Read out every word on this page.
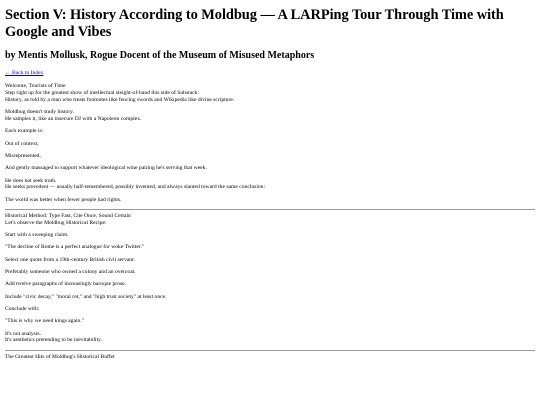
Section V: History According to Moldbug — A LARPing Tour Through Time with Google and Vibes
by Mentis Mollusk, Rogue Docent of the Museum of Misused Metaphors
← Back to Index

Welcome, Tourists of Time
Step right up for the greatest show of intellectual sleight-of-hand this side of Substack:
History, as told by a man who treats footnotes like fencing swords and Wikipedia like divine scripture.

Moldbug doesn't study history.
He samples it, like an insecure DJ with a Napoleon complex.

Each example is:

Out of context,

Misrepresented,

And gently massaged to support whatever ideological wine pairing he's serving that week.

He does not seek truth.
He seeks precedent — usually half-remembered, possibly invented, and always slanted toward the same conclusion:

The world was better when fewer people had rights.

Historical Method: Type Fast, Cite Once, Sound Certain
Let's observe the Moldbug Historical Recipe:

Start with a sweeping claim.

"The decline of Rome is a perfect analogue for woke Twitter."

Select one quote from a 19th-century British civil servant.

Preferably someone who owned a colony and an overcoat.

Add twelve paragraphs of increasingly baroque prose.

Include "civic decay," "moral rot," and "high trust society" at least once.

Conclude with:

"This is why we need kings again."

It's not analysis.
It's aesthetics pretending to be inevitability.

The Greatest Hits of Moldbug's Historical Buffet
